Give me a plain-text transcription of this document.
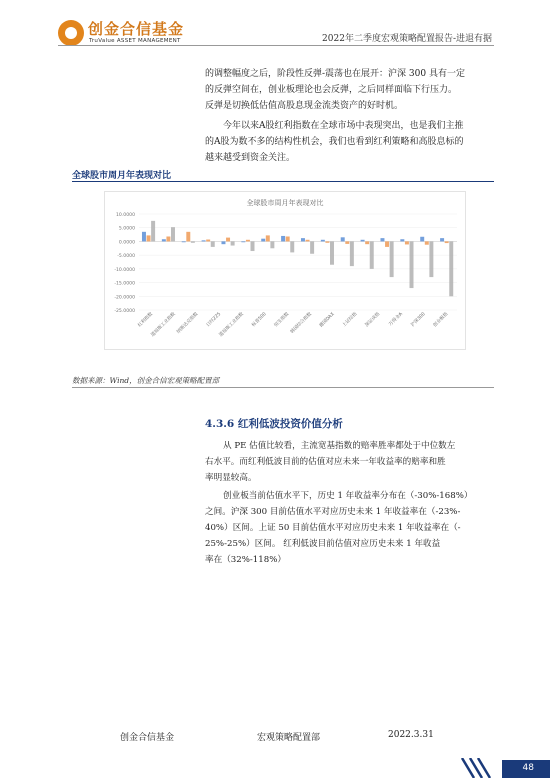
创金合信基金
TruValue ASSET MANAGEMENT	2022年二季度宏观策略配置报告-进退有据
的调整幅度之后，阶段性反弹-震荡也在展开：沪深 300 具有一定
的反弹空间在，创业板理论也会反弹，之后同样面临下行压力。
反弹是切换低估值高股息现金流类资产的好时机。
今年以来A股红利指数在全球市场中表现突出，也是我们主推
的A股为数不多的结构性机会，我们也看到红利策略和高股息标的
越来越受到资金关注。
全球股市周月年表现对比
全球股市周月年表现对比
10.0000
5.0000
0.0000
-5.0000
-10.0000
-15.0000
-20.0000
-25.0000
红利指数
道琼斯工业指数 纳斯达克指数	日经225
道琼斯工业指数	标普500	恒生指数 韩国综合指数	德国DAX	上证综指	深证成指	万得全A	沪深300	创业板指
数据来源：Wind，创金合信宏观策略配置部
4.3.6 红利低波投资价值分析
从 PE 估值比较看，主流宽基指数的赔率胜率都处于中位数左
右水平。而红利低波目前的估值对应未来一年收益率的赔率和胜
率明显较高。
创业板当前估值水平下，历史 1 年收益率分布在（-30%-168%）
之间。沪深 300 目前估值水平对应历史未来 1 年收益率在（-23%-
40%）区间。上证 50 目前估值水平对应历史未来 1 年收益率在（-
25%-25%）区间。 红利低波目前估值对应历史未来 1 年收益
率在（32%-118%）
创金合信基金	宏观策略配置部	2022.3.31
48
